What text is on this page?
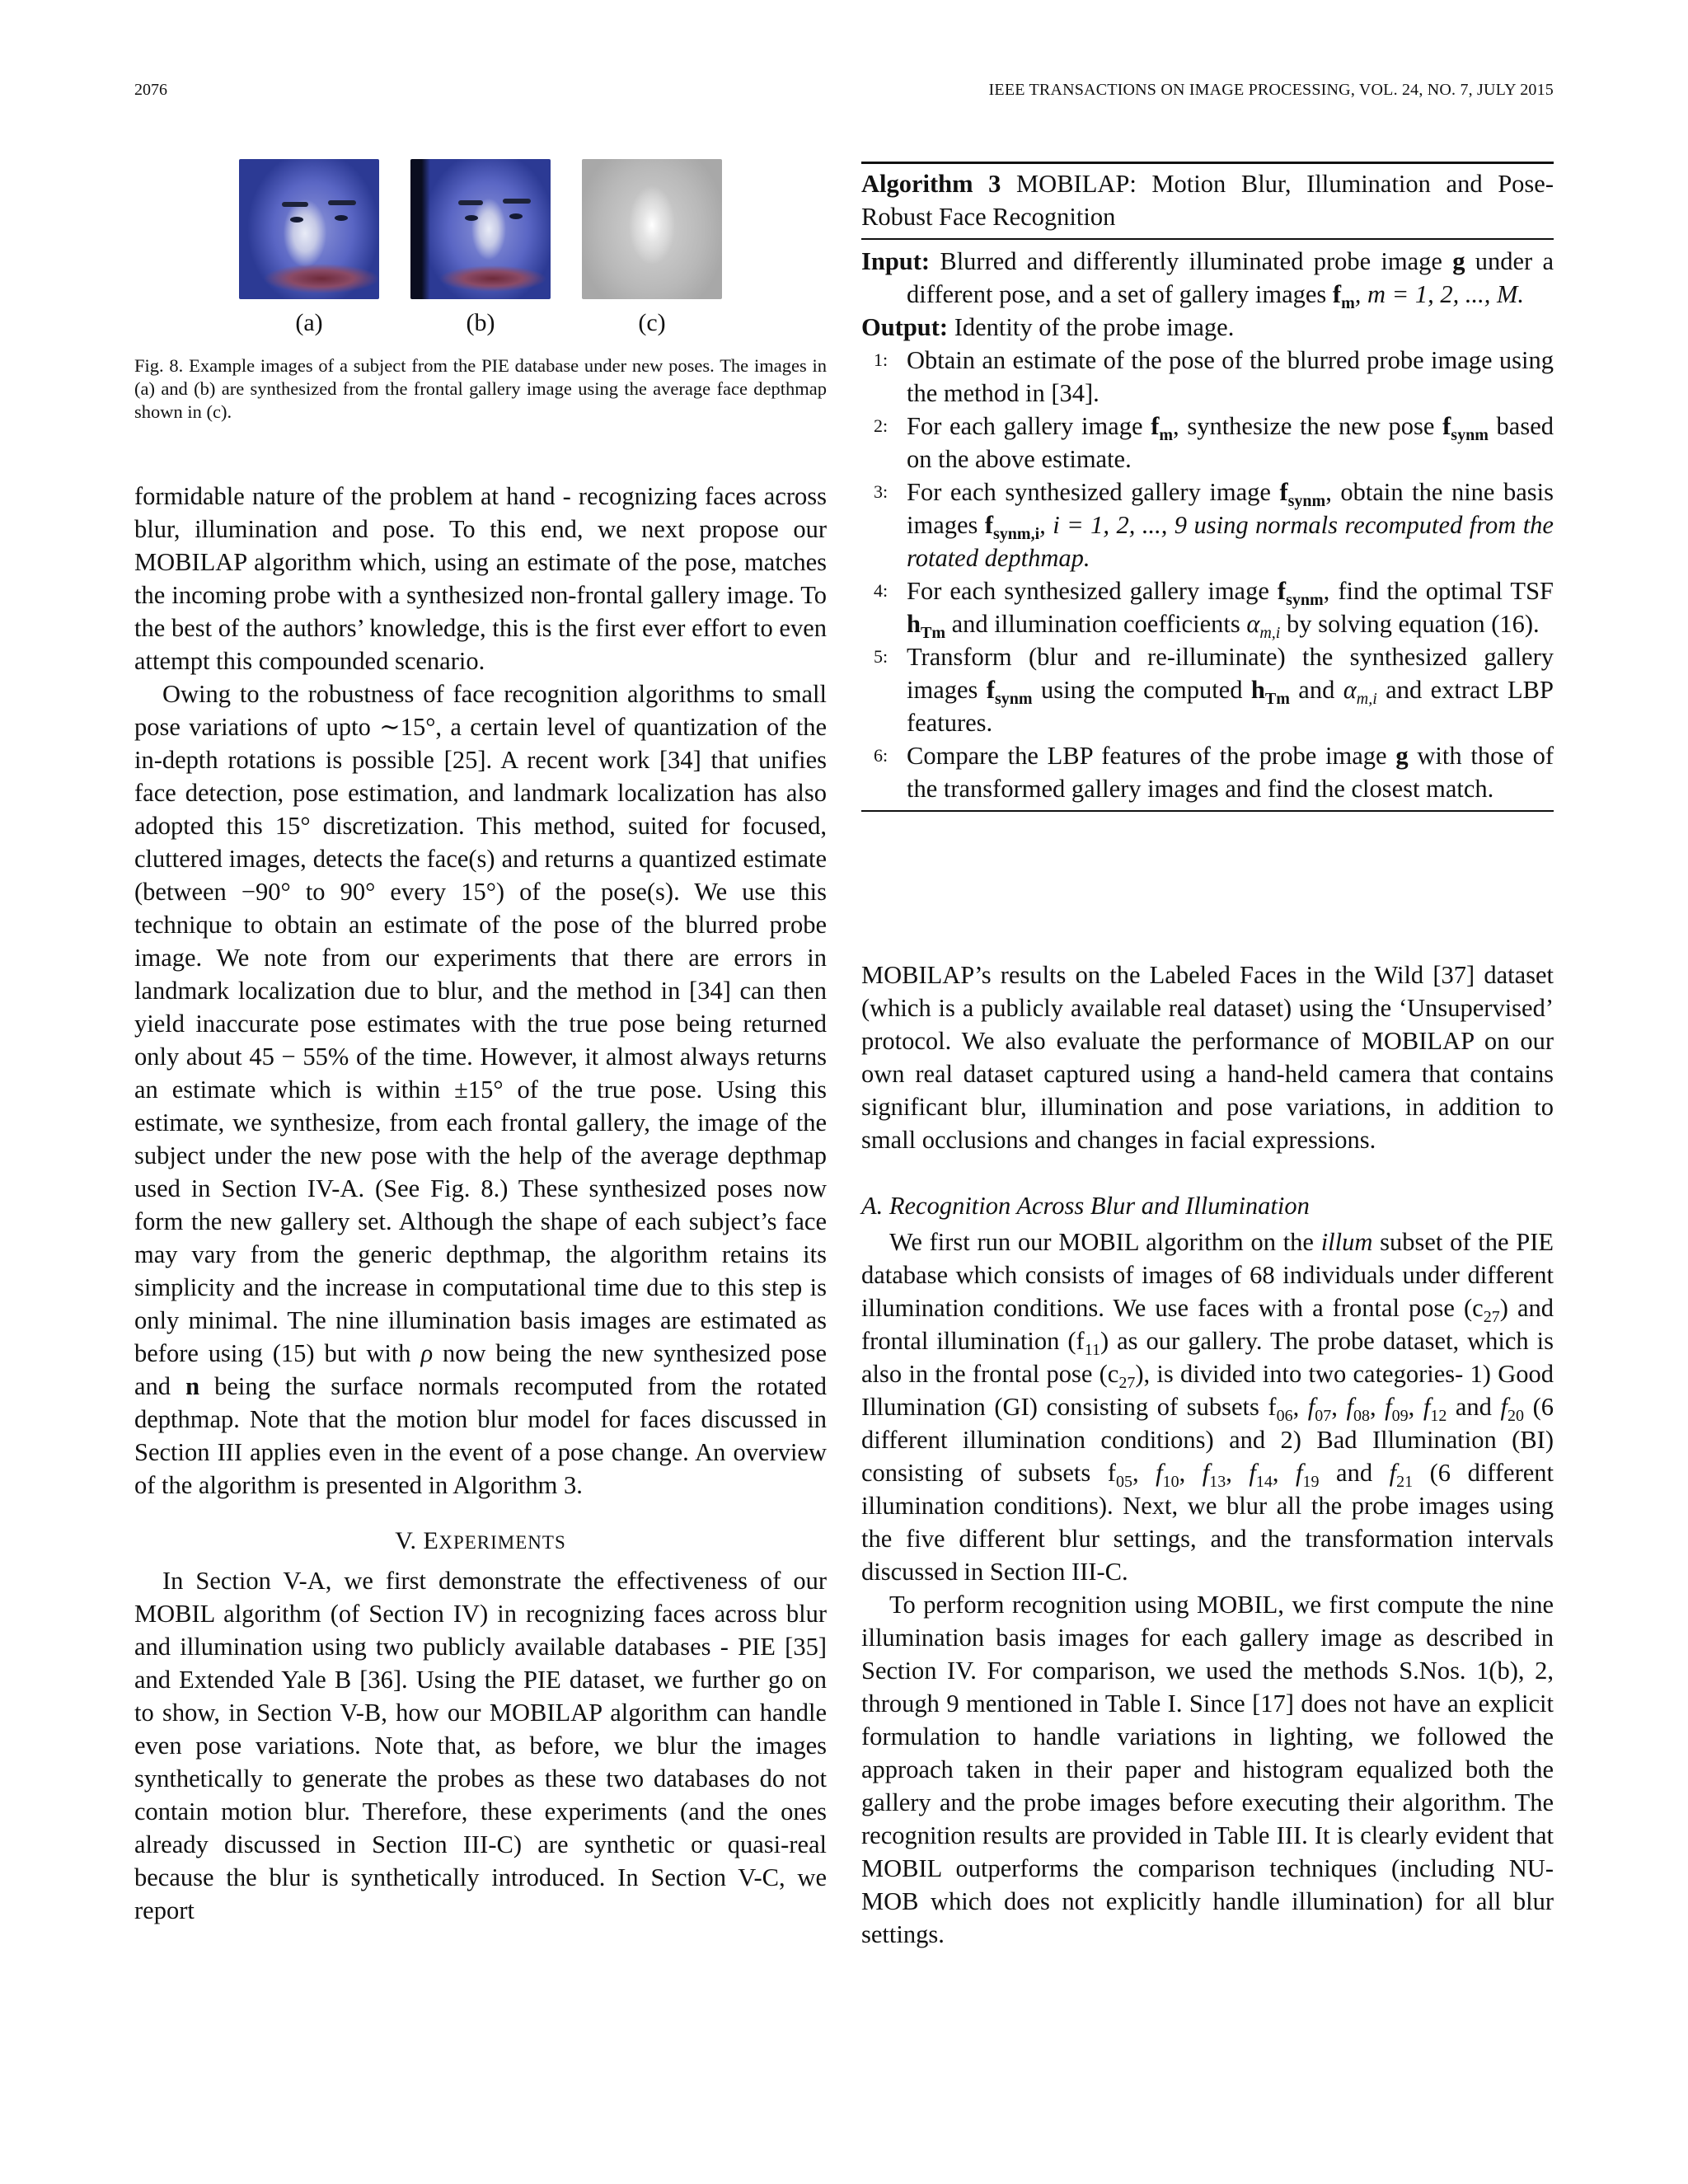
2076	IEEE TRANSACTIONS ON IMAGE PROCESSING, VOL. 24, NO. 7, JULY 2015
(a)	(b)	(c)
Fig. 8. Example images of a subject from the PIE database under new poses. The images in (a) and (b) are synthesized from the frontal gallery image using the average face depthmap shown in (c).

formidable nature of the problem at hand - recognizing faces across blur, illumination and pose. To this end, we next propose our MOBILAP algorithm which, using an estimate of the pose, matches the incoming probe with a synthesized non-frontal gallery image. To the best of the authors’ knowledge, this is the first ever effort to even attempt this compounded scenario.

Owing to the robustness of face recognition algorithms to small pose variations of upto ∼15°, a certain level of quantization of the in-depth rotations is possible [25]. A recent work [34] that unifies face detection, pose estimation, and landmark localization has also adopted this 15° discretization. This method, suited for focused, cluttered images, detects the face(s) and returns a quantized estimate (between −90° to 90° every 15°) of the pose(s). We use this technique to obtain an estimate of the pose of the blurred probe image. We note from our experiments that there are errors in landmark localization due to blur, and the method in [34] can then yield inaccurate pose estimates with the true pose being returned only about 45 − 55% of the time. However, it almost always returns an estimate which is within ±15° of the true pose. Using this estimate, we synthesize, from each frontal gallery, the image of the subject under the new pose with the help of the average depthmap used in Section IV-A. (See Fig. 8.) These synthesized poses now form the new gallery set. Although the shape of each subject’s face may vary from the generic depthmap, the algorithm retains its simplicity and the increase in computational time due to this step is only minimal. The nine illumination basis images are estimated as before using (15) but with ρ now being the new synthesized pose and n being the surface normals recomputed from the rotated depthmap. Note that the motion blur model for faces discussed in Section III applies even in the event of a pose change. An overview of the algorithm is presented in Algorithm 3.

V. EXPERIMENTS

In Section V-A, we first demonstrate the effectiveness of our MOBIL algorithm (of Section IV) in recognizing faces across blur and illumination using two publicly available databases - PIE [35] and Extended Yale B [36]. Using the PIE dataset, we further go on to show, in Section V-B, how our MOBILAP algorithm can handle even pose variations. Note that, as before, we blur the images synthetically to generate the probes as these two databases do not contain motion blur. Therefore, these experiments (and the ones already discussed in Section III-C) are synthetic or quasi-real because the blur is synthetically introduced. In Section V-C, we report

Algorithm 3 MOBILAP: Motion Blur, Illumination and Pose-Robust Face Recognition
Input: Blurred and differently illuminated probe image g under a different pose, and a set of gallery images $f_m$, m = 1, 2, ..., M.
Output: Identity of the probe image.
1: Obtain an estimate of the pose of the blurred probe image using the method in [34].
2: For each gallery image $f_m$, synthesize the new pose $f_{synm}$ based on the above estimate.
3: For each synthesized gallery image $f_{synm}$, obtain the nine basis images $f_{synm,i}$, i = 1, 2, ..., 9 using normals recomputed from the rotated depthmap.
4: For each synthesized gallery image $f_{synm}$, find the optimal TSF $h_{Tm}$ and illumination coefficients $\alpha_{m,i}$ by solving equation (16).
5: Transform (blur and re-illuminate) the synthesized gallery images $f_{synm}$ using the computed $h_{Tm}$ and $\alpha_{m,i}$ and extract LBP features.
6: Compare the LBP features of the probe image g with those of the transformed gallery images and find the closest match.

MOBILAP’s results on the Labeled Faces in the Wild [37] dataset (which is a publicly available real dataset) using the ‘Unsupervised’ protocol. We also evaluate the performance of MOBILAP on our own real dataset captured using a hand-held camera that contains significant blur, illumination and pose variations, in addition to small occlusions and changes in facial expressions.

A. Recognition Across Blur and Illumination

We first run our MOBIL algorithm on the illum subset of the PIE database which consists of images of 68 individuals under different illumination conditions. We use faces with a frontal pose $(c_{27})$ and frontal illumination $(f_{11})$ as our gallery. The probe dataset, which is also in the frontal pose $(c_{27})$, is divided into two categories- 1) Good Illumination (GI) consisting of subsets $f_{06}$, $f_{07}$, $f_{08}$, $f_{09}$, $f_{12}$ and $f_{20}$ (6 different illumination conditions) and 2) Bad Illumination (BI) consisting of subsets $f_{05}$, $f_{10}$, $f_{13}$, $f_{14}$, $f_{19}$ and $f_{21}$ (6 different illumination conditions). Next, we blur all the probe images using the five different blur settings, and the transformation intervals discussed in Section III-C.

To perform recognition using MOBIL, we first compute the nine illumination basis images for each gallery image as described in Section IV. For comparison, we used the methods S.Nos. 1(b), 2, through 9 mentioned in Table I. Since [17] does not have an explicit formulation to handle variations in lighting, we followed the approach taken in their paper and histogram equalized both the gallery and the probe images before executing their algorithm. The recognition results are provided in Table III. It is clearly evident that MOBIL outperforms the comparison techniques (including NU-MOB which does not explicitly handle illumination) for all blur settings.
